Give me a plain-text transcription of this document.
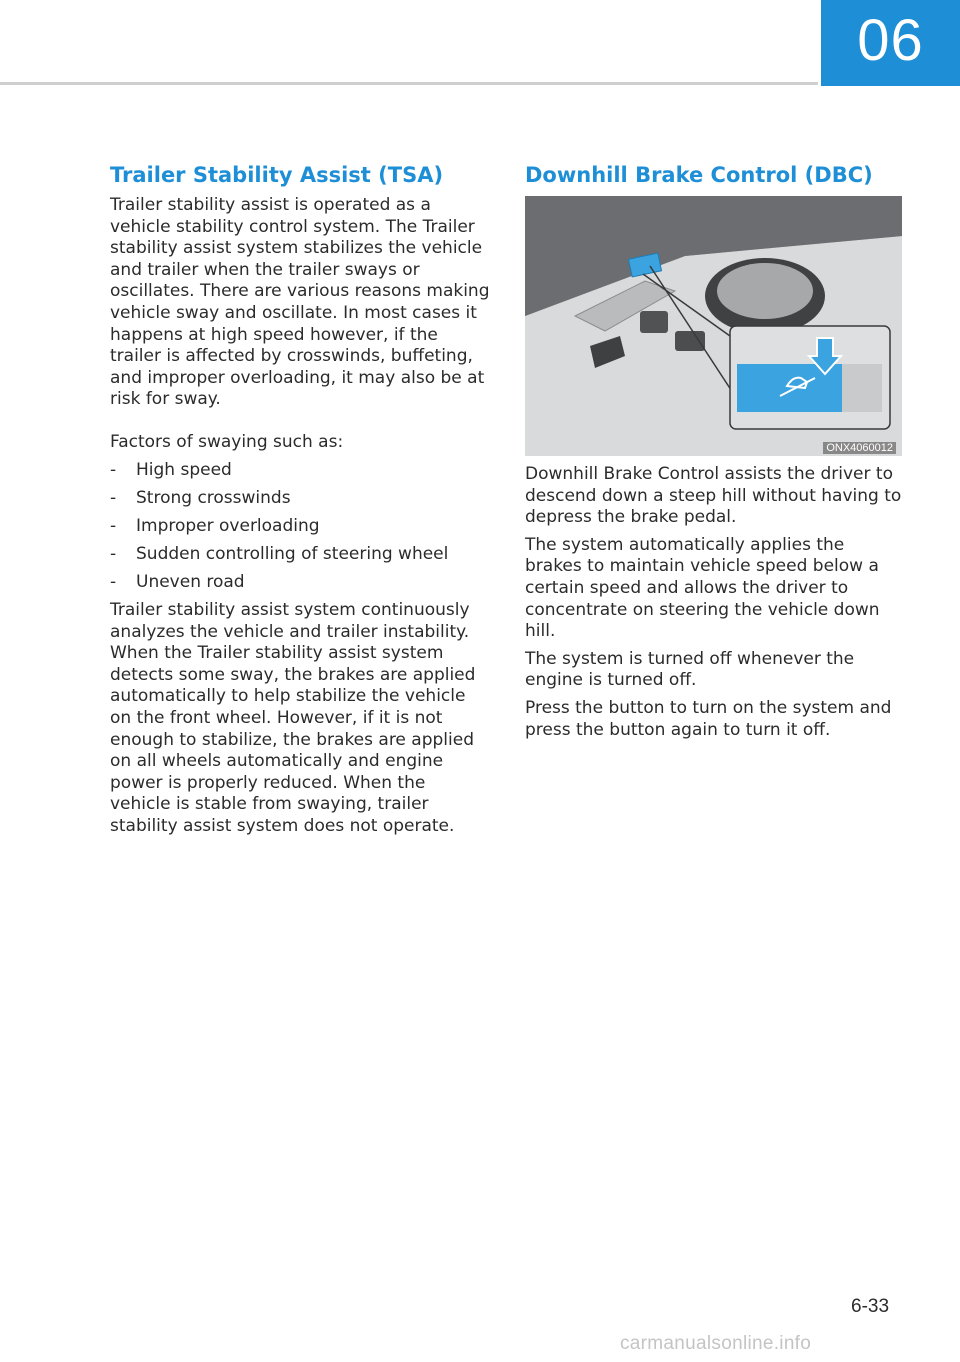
06
Trailer Stability Assist (TSA)

Trailer stability assist is operated as a vehicle stability control system. The Trailer stability assist system stabilizes the vehicle and trailer when the trailer sways or oscillates. There are various reasons making vehicle sway and oscillate. In most cases it happens at high speed however, if the trailer is affected by crosswinds, buffeting, and improper overloading, it may also be at risk for sway.

Factors of swaying such as:

-	High speed
-	Strong crosswinds
-	Improper overloading
-	Sudden controlling of steering wheel
-	Uneven road

Trailer stability assist system continuously analyzes the vehicle and trailer instability. When the Trailer stability assist system detects some sway, the brakes are applied automatically to help stabilize the vehicle on the front wheel. However, if it is not enough to stabilize, the brakes are applied on all wheels automatically and engine power is properly reduced. When the vehicle is stable from swaying, trailer stability assist system does not operate.

Downhill Brake Control (DBC)
ONX4060012

Downhill Brake Control assists the driver to descend down a steep hill without having to depress the brake pedal.

The system automatically applies the brakes to maintain vehicle speed below a certain speed and allows the driver to concentrate on steering the vehicle down hill.

The system is turned off whenever the engine is turned off.

Press the button to turn on the system and press the button again to turn it off.

6-33
carmanualsonline.info
